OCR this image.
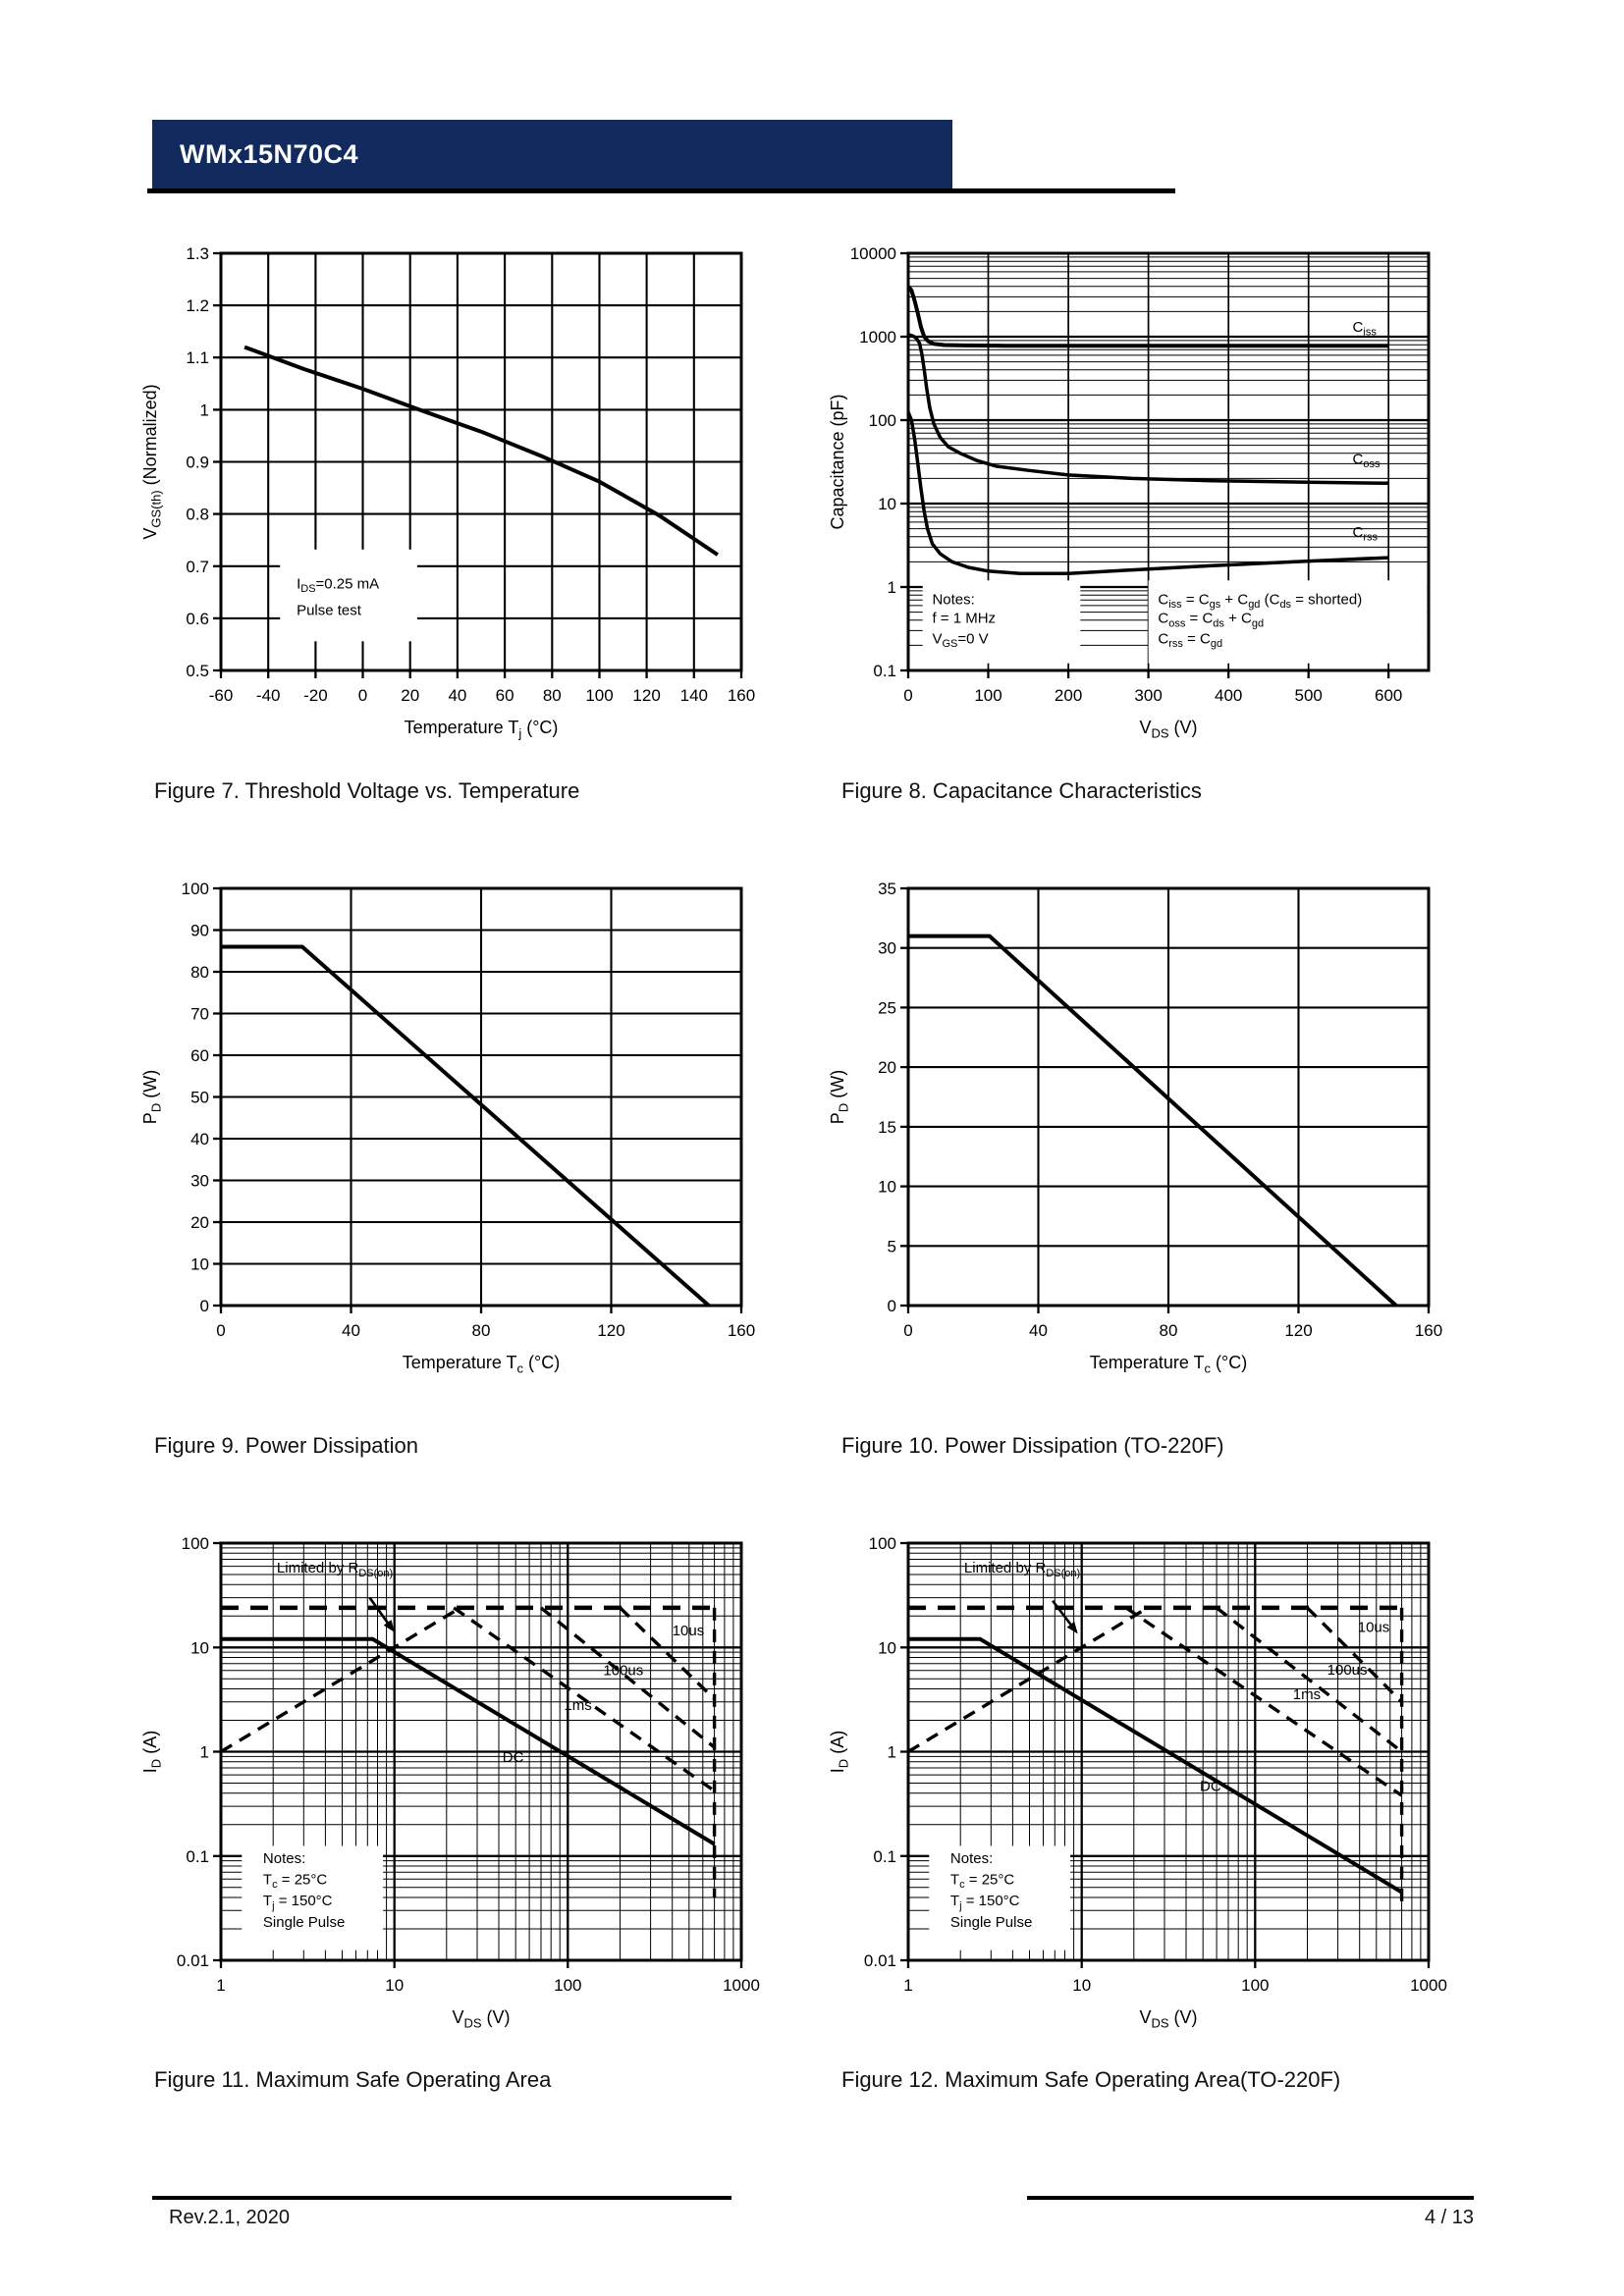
WMx15N70C4
-60 -40 -20 0 20 40 60 80 100 120 140 160
0.5
0.6
0.7
0.8
0.9
1
1.1
1.2
1.3
Temperature $T_j$ (°C)
$V_{GS(th)}$ (Normalized)
$I_{DS}=0.25$ mA
Pulse test
0	100	200	300	400	500	600
10000
1000
100
10
1
0.1
$V_{DS}$ (V)
Capacitance (pF)
Notes:
f = 1 MHz
$V_{GS}=0$ V
$C_{iss} = C_{gs} + C_{gd}$ ($C_{ds}$ = shorted)
$C_{oss} = C_{ds} + C_{gd}$
$C_{rss} = C_{gd}$
$C_{iss}$
$C_{oss}$
$C_{rss}$
Figure 7. Threshold Voltage vs. Temperature	Figure 8. Capacitance Characteristics
0	40	80	120	160
0
10
20
30
40
50
60
70
80
90
100
Temperature $T_c$ (°C)
$P_D$ (W)
0	40	80	120	160
0
5
10
15
20
25
30
35
Temperature $T_c$ (°C)
$P_D$ (W)
Figure 9. Power Dissipation	Figure 10. Power Dissipation (TO-220F)
1	10	100	1000
100
10
1
0.1
0.01
$V_{DS}$ (V)
$I_D$ (A)
Notes:
$T_c = 25^\circ C$
$T_j = 150^\circ C$
Single Pulse
10us
100us
1ms
DC
Limited by $R_{DS(on)}$
1	10	100	1000
100
10
1
0.1
0.01
$V_{DS}$ (V)
$I_D$ (A)
Notes:
$T_c = 25^\circ C$
$T_j = 150^\circ C$
Single Pulse
10us
100us
1ms
DC
Limited by $R_{DS(on)}$
Figure 11. Maximum Safe Operating Area	Figure 12. Maximum Safe Operating Area(TO-220F)
Rev.2.1, 2020	4 / 13
